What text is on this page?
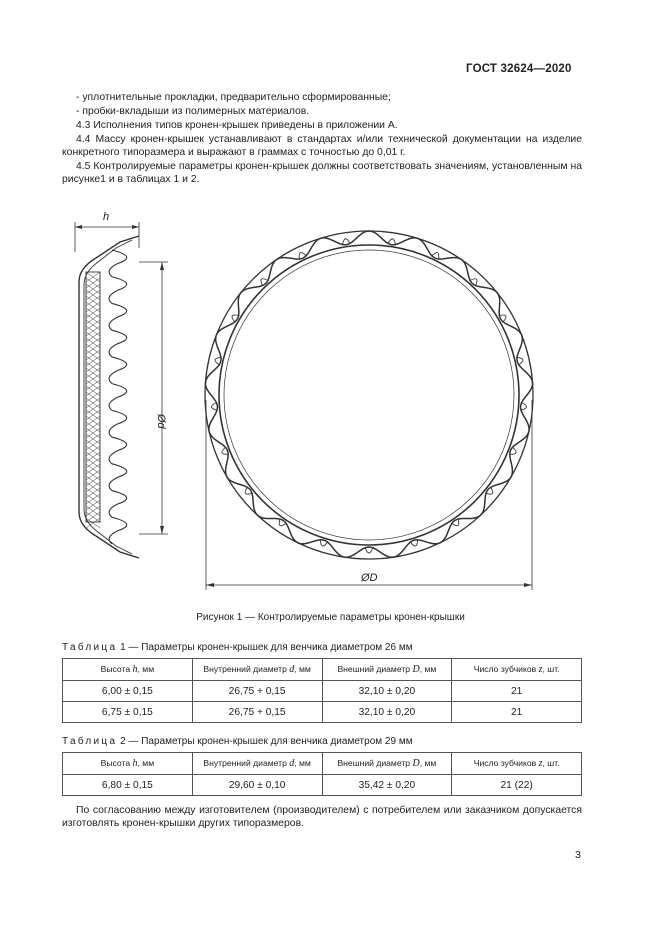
ГОСТ 32624—2020
- уплотнительные прокладки, предварительно сформированные;
- пробки-вкладыши из полимерных материалов.
4.3 Исполнения типов кронен-крышек приведены в приложении А.
4.4 Массу кронен-крышек устанавливают в стандартах и/или технической документации на изделие конкретного типоразмера и выражают в граммах с точностью до 0,01 г.
4.5 Контролируемые параметры кронен-крышек должны соответствовать значениям, установленным на рисунке1 и в таблицах 1 и 2.
h
Ød
ØD
Рисунок 1 — Контролируемые параметры кронен-крышки
Таблица 1 — Параметры кронен-крышек для венчика диаметром 26 мм
Высота h, мм	Внутренний диаметр d, мм	Внешний диаметр D, мм	Число зубчиков z, шт.
6,00 ± 0,15	26,75 + 0,15	32,10 ± 0,20	21
6,75 ± 0,15	26,75 + 0,15	32,10 ± 0,20	21
Таблица 2 — Параметры кронен-крышек для венчика диаметром 29 мм
Высота h, мм	Внутренний диаметр d, мм	Внешний диаметр D, мм	Число зубчиков z, шт.
6,80 ± 0,15	29,60 ± 0,10	35,42 ± 0,20	21 (22)
По согласованию между изготовителем (производителем) с потребителем или заказчиком допускается изготовлять кронен-крышки других типоразмеров.
3
